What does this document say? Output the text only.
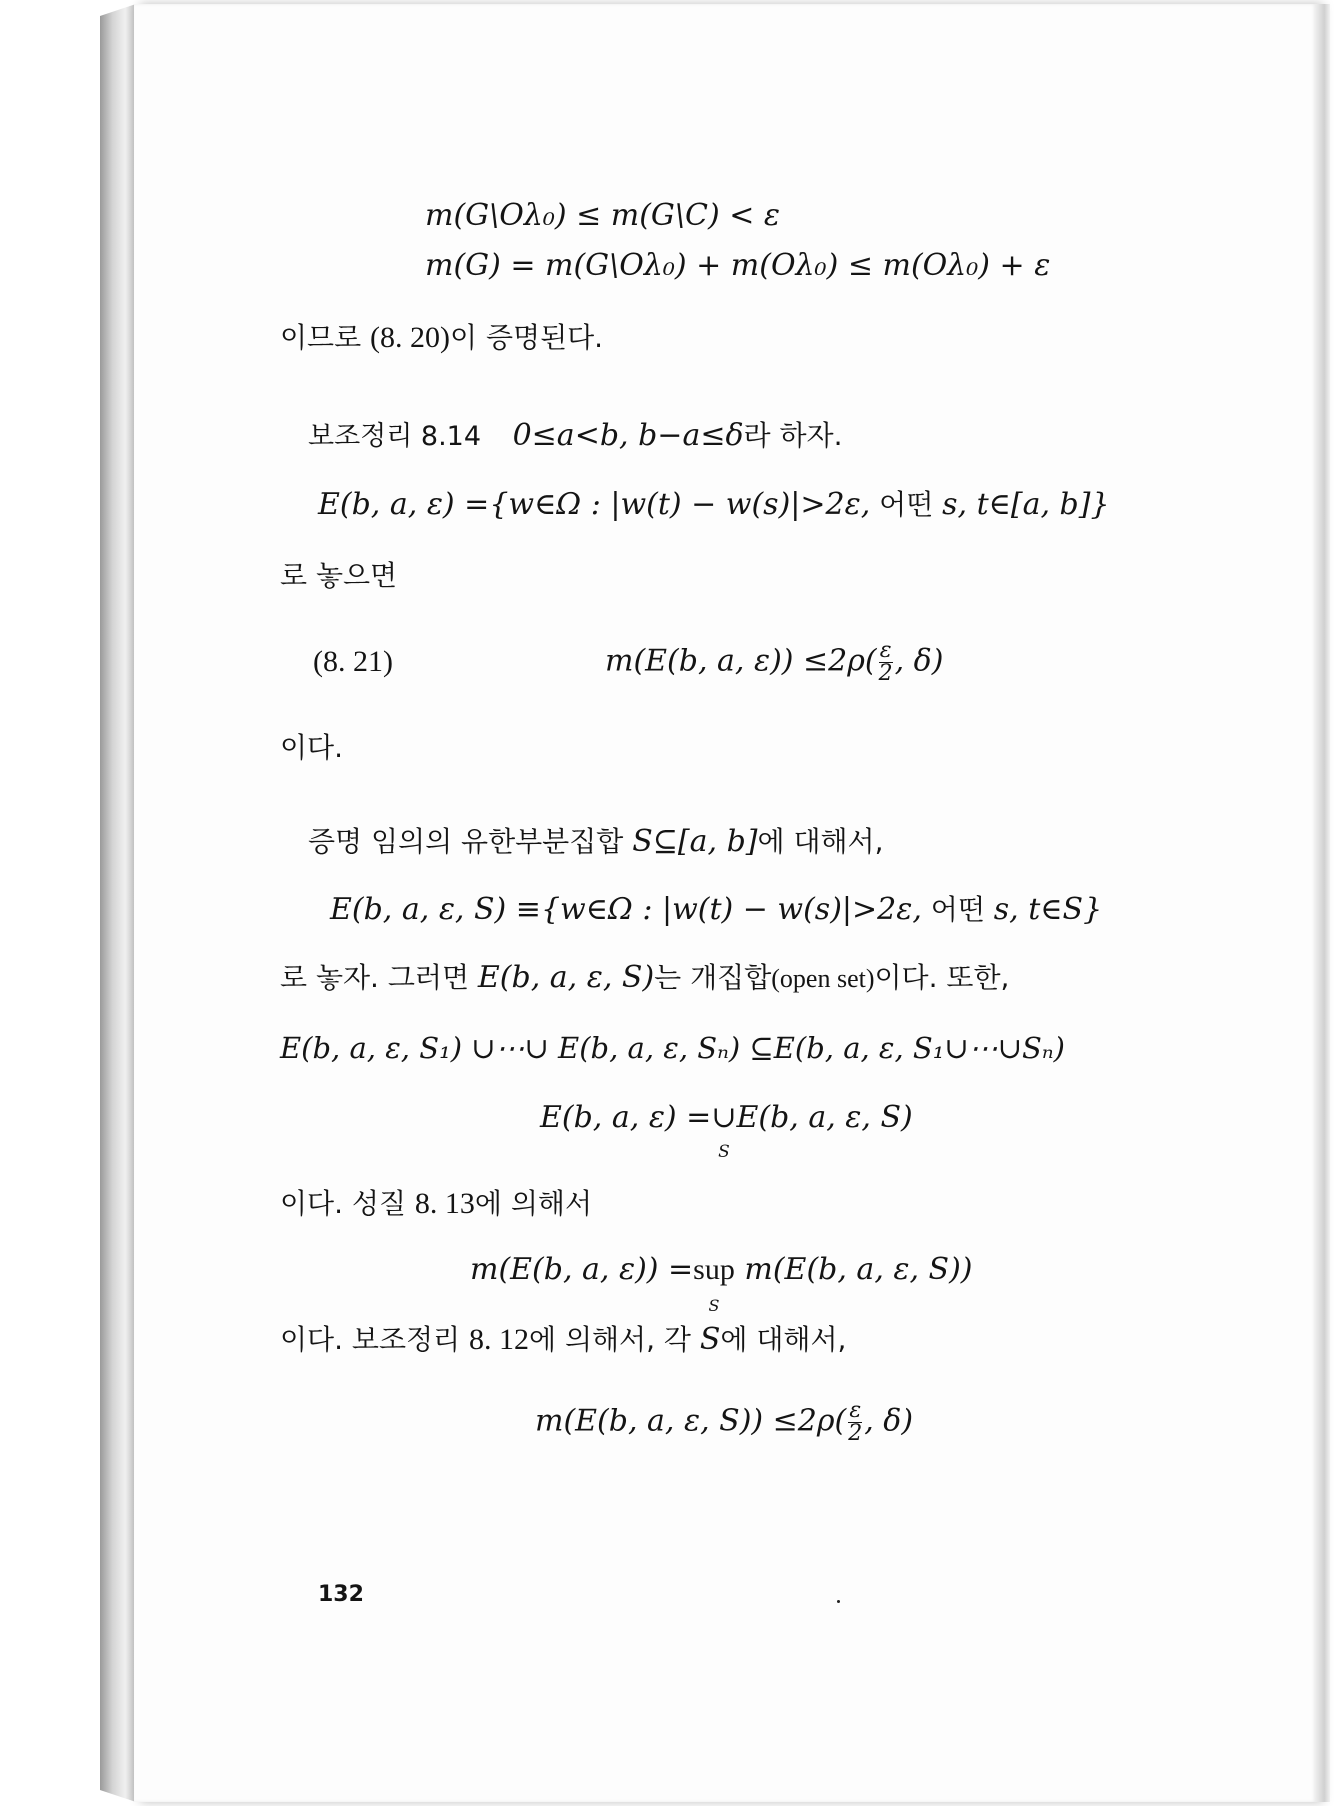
m(G\Oλ₀) ≤ m(G\C) < ε
m(G) = m(G\Oλ₀) + m(Oλ₀) ≤ m(Oλ₀) + ε
이므로 (8. 20)이 증명된다.
보조정리 8.14 0≤a<b, b−a≤δ라 하자.
E(b, a, ε) ={w∈Ω : |w(t) − w(s)|>2ε, 어떤 s, t∈[a, b]}
로 놓으면
(8. 21)	m(E(b, a, $\varepsilon)) \le 2\rho( \frac{\varepsilon}{2}$ , δ)
이다.
증명 임의의 유한부분집합 S⊆[a, b]에 대해서,
E(b, a, ε, S) ≡{w∈Ω : |w(t) − w(s)|>2ε, 어떤 s, t∈S}
로 놓자. 그러면 E(b, a, ε, S)는 개집합(open set)이다. 또한,
E(b, a, ε, S₁) ∪⋯∪ E(b, a, ε, Sₙ) ⊆E(b, a, ε, S₁∪⋯∪Sₙ)
E(b, a, ε) =∪
S
E(b, a, ε, S)
이다. 성질 8. 13에 의해서
m(E(b, a, ε)) =sup
S
m(E(b, a, ε, S))
이다. 보조정리 8. 12에 의해서, 각 S에 대해서,
m(E(b, a, ε, $S)) \le 2\rho( \frac{\varepsilon}{2}$ , δ)
132
